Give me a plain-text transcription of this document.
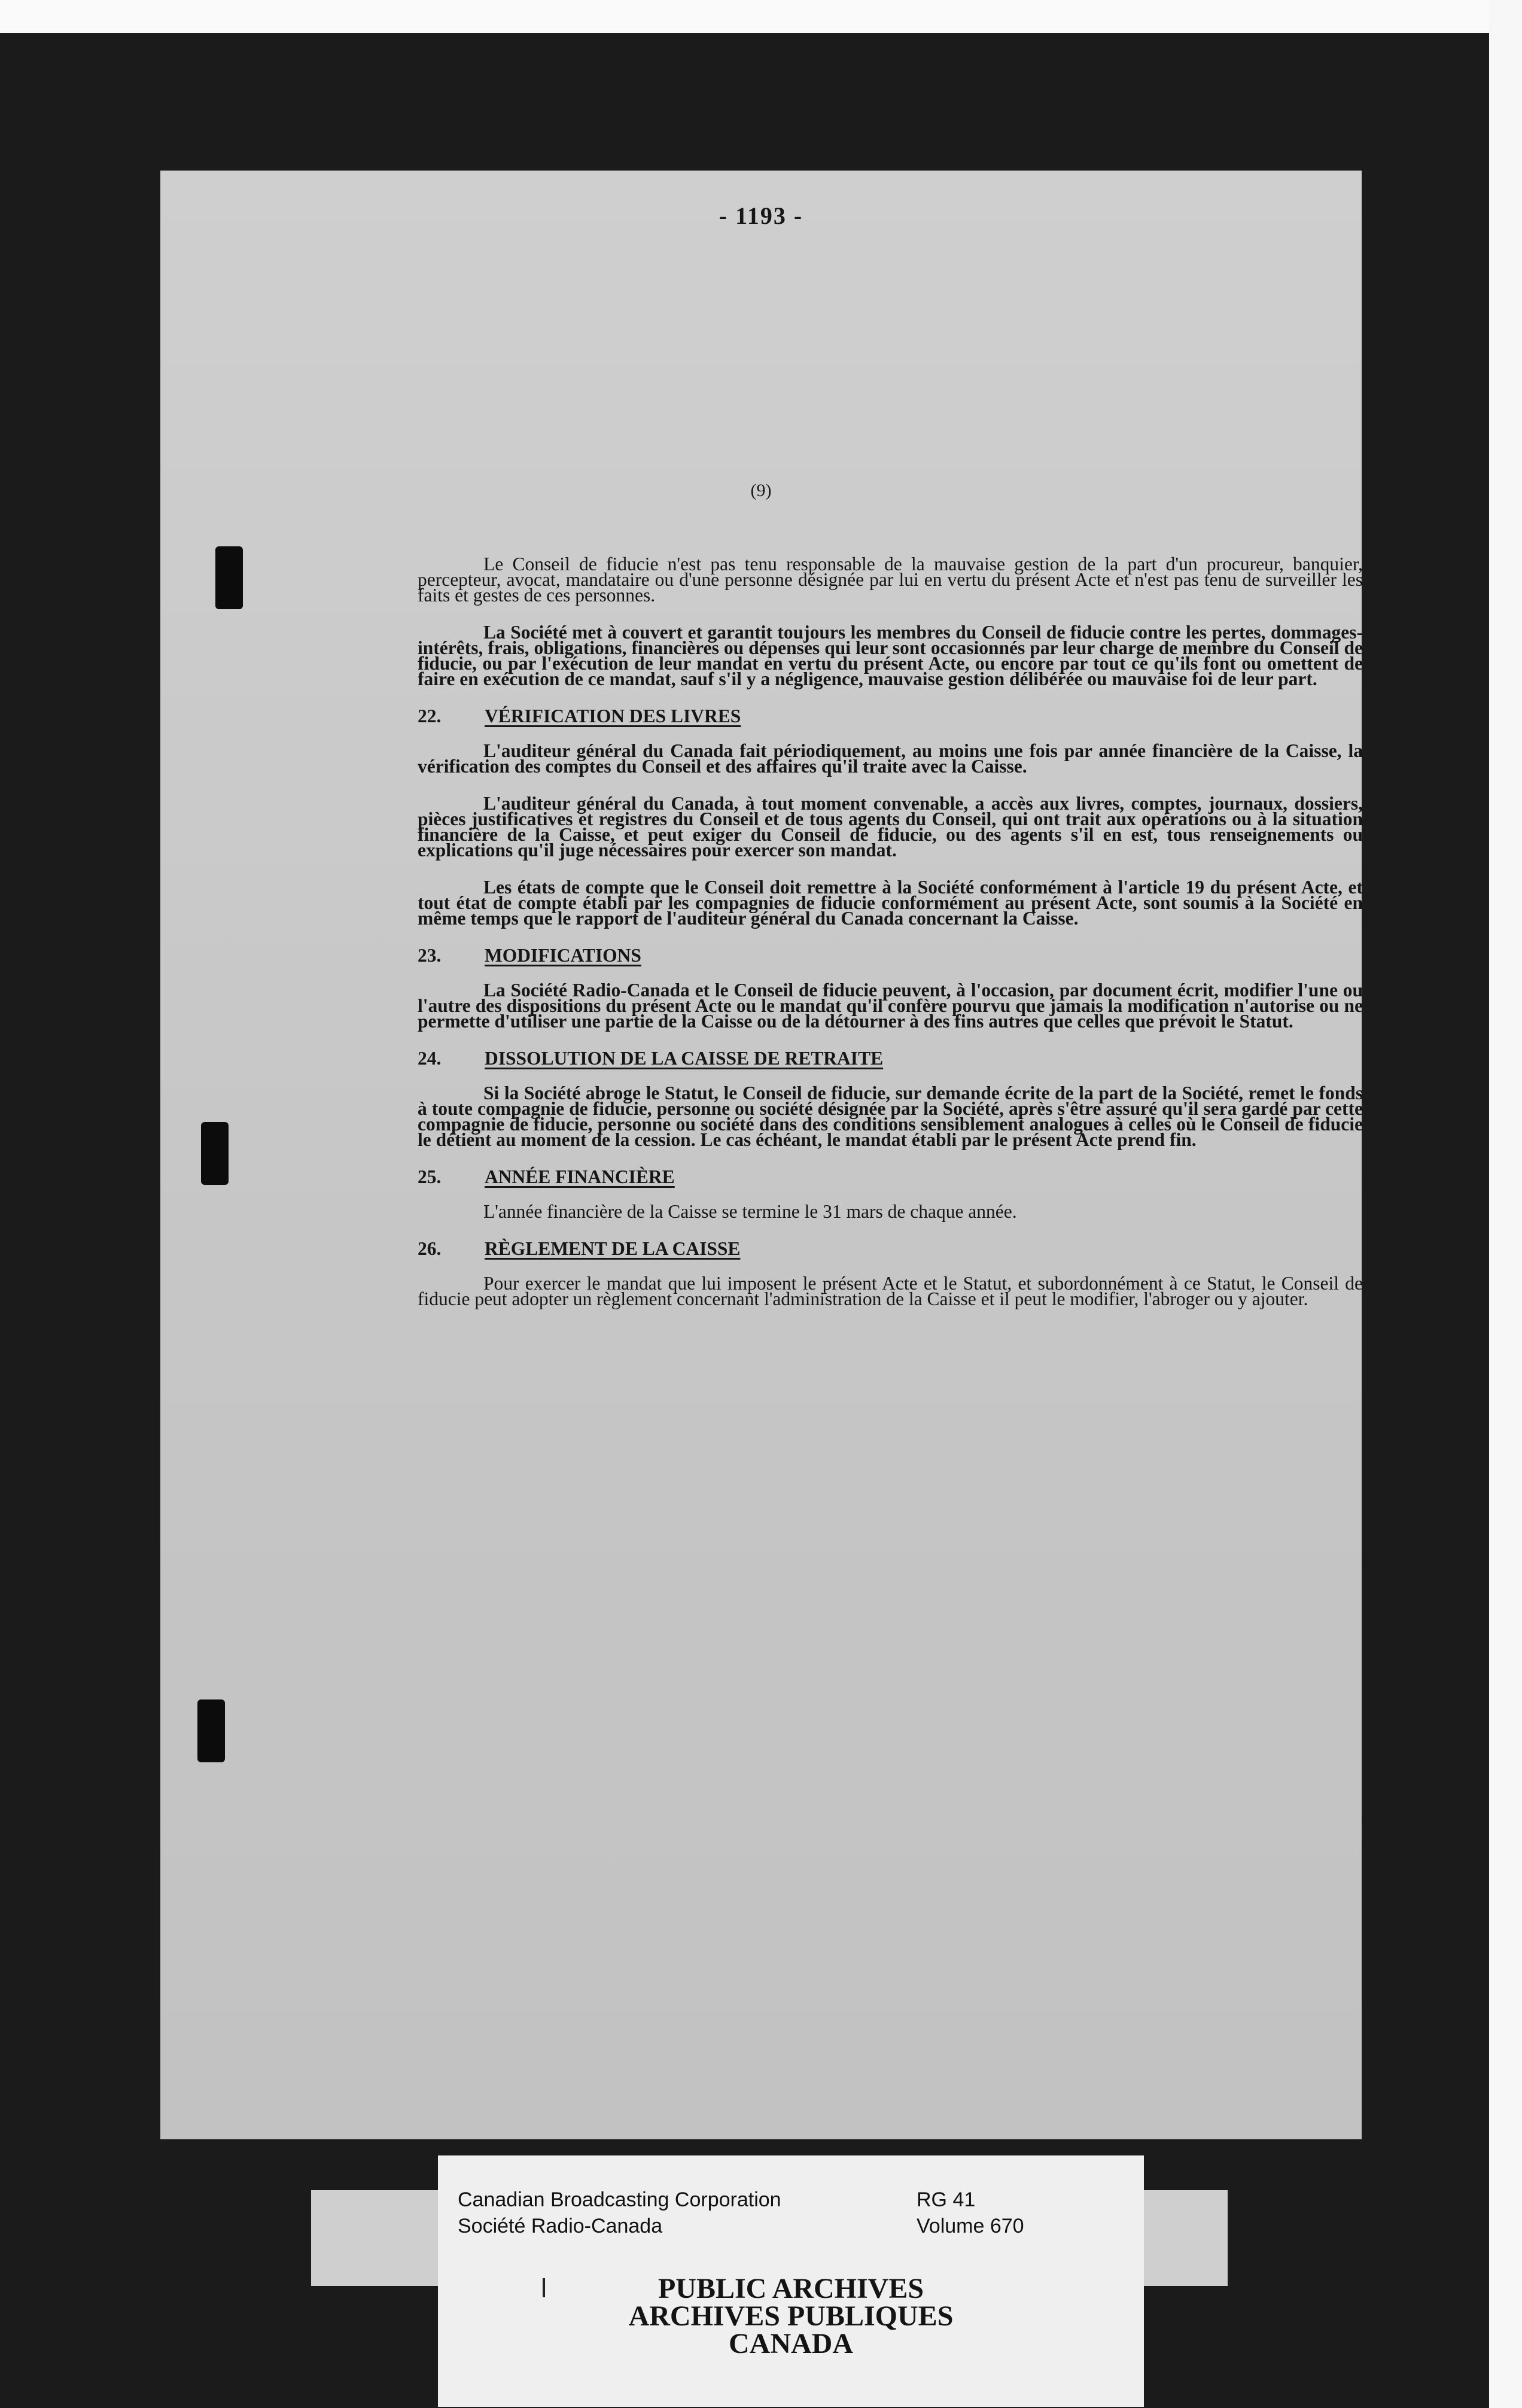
- 1193 -
(9)

Le Conseil de fiducie n'est pas tenu responsable de la mauvaise gestion de la part d'un procureur, banquier, percepteur, avocat, mandataire ou d'une personne désignée par lui en vertu du présent Acte et n'est pas tenu de surveiller les faits et gestes de ces personnes.

La Société met à couvert et garantit toujours les membres du Conseil de fiducie contre les pertes, dommages-intérêts, frais, obligations, financières ou dépenses qui leur sont occasionnés par leur charge de membre du Conseil de fiducie, ou par l'exécution de leur mandat en vertu du présent Acte, ou encore par tout ce qu'ils font ou omettent de faire en exécution de ce mandat, sauf s'il y a négligence, mauvaise gestion délibérée ou mauvaise foi de leur part.

22.	VÉRIFICATION DES LIVRES

L'auditeur général du Canada fait périodiquement, au moins une fois par année financière de la Caisse, la vérification des comptes du Conseil et des affaires qu'il traite avec la Caisse.

L'auditeur général du Canada, à tout moment convenable, a accès aux livres, comptes, journaux, dossiers, pièces justificatives et registres du Conseil et de tous agents du Conseil, qui ont trait aux opérations ou à la situation financière de la Caisse, et peut exiger du Conseil de fiducie, ou des agents s'il en est, tous renseignements ou explications qu'il juge nécessaires pour exercer son mandat.

Les états de compte que le Conseil doit remettre à la Société conformément à l'article 19 du présent Acte, et tout état de compte établi par les compagnies de fiducie conformément au présent Acte, sont soumis à la Société en même temps que le rapport de l'auditeur général du Canada concernant la Caisse.

23.	MODIFICATIONS

La Société Radio-Canada et le Conseil de fiducie peuvent, à l'occasion, par document écrit, modifier l'une ou l'autre des dispositions du présent Acte ou le mandat qu'il confère pourvu que jamais la modification n'autorise ou ne permette d'utiliser une partie de la Caisse ou de la détourner à des fins autres que celles que prévoit le Statut.

24.	DISSOLUTION DE LA CAISSE DE RETRAITE

Si la Société abroge le Statut, le Conseil de fiducie, sur demande écrite de la part de la Société, remet le fonds à toute compagnie de fiducie, personne ou société désignée par la Société, après s'être assuré qu'il sera gardé par cette compagnie de fiducie, personne ou société dans des conditions sensiblement analogues à celles où le Conseil de fiducie le détient au moment de la cession. Le cas échéant, le mandat établi par le présent Acte prend fin.

25.	ANNÉE FINANCIÈRE

L'année financière de la Caisse se termine le 31 mars de chaque année.

26.	RÈGLEMENT DE LA CAISSE

Pour exercer le mandat que lui imposent le présent Acte et le Statut, et subordonnément à ce Statut, le Conseil de fiducie peut adopter un règlement concernant l'administration de la Caisse et il peut le modifier, l'abroger ou y ajouter.

Canadian Broadcasting Corporation
Société Radio-Canada
RG 41
Volume 670
PUBLIC ARCHIVES
ARCHIVES PUBLIQUES
CANADA
